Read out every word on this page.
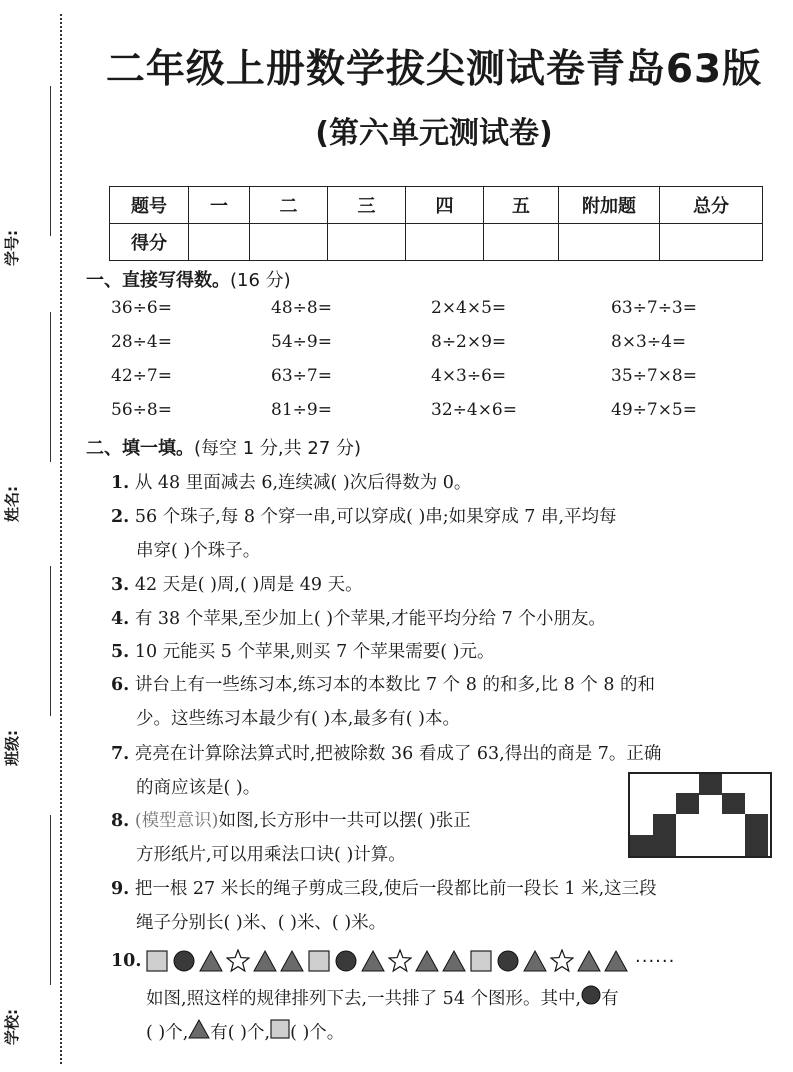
学号:
姓名:
班级:
学校:
二年级上册数学拔尖测试卷青岛63版
(第六单元测试卷)
题号	一	二	三	四	五	附加题	总分
得分							
一、直接写得数。(16 分)
36÷6=	48÷8=	2×4×5=	63÷7÷3=
28÷4=	54÷9=	8÷2×9=	8×3÷4=
42÷7=	63÷7=	4×3÷6=	35÷7×8=
56÷8=	81÷9=	32÷4×6=	49÷7×5=
二、填一填。(每空 1 分,共 27 分)
1. 从 48 里面减去 6,连续减( )次后得数为 0。
2. 56 个珠子,每 8 个穿一串,可以穿成( )串;如果穿成 7 串,平均每
串穿( )个珠子。
3. 42 天是( )周,( )周是 49 天。
4. 有 38 个苹果,至少加上( )个苹果,才能平均分给 7 个小朋友。
5. 10 元能买 5 个苹果,则买 7 个苹果需要( )元。
6. 讲台上有一些练习本,练习本的本数比 7 个 8 的和多,比 8 个 8 的和
少。这些练习本最少有( )本,最多有( )本。
7. 亮亮在计算除法算式时,把被除数 36 看成了 63,得出的商是 7。正确
的商应该是( )。
8. (模型意识)如图,长方形中一共可以摆( )张正
方形纸片,可以用乘法口诀( )计算。
9. 把一根 27 米长的绳子剪成三段,使后一段都比前一段长 1 米,这三段
绳子分别长( )米、( )米、( )米。
10.	······
如图,照这样的规律排列下去,一共排了 54 个图形。其中, 有
( )个, 有( )个, ( )个。
